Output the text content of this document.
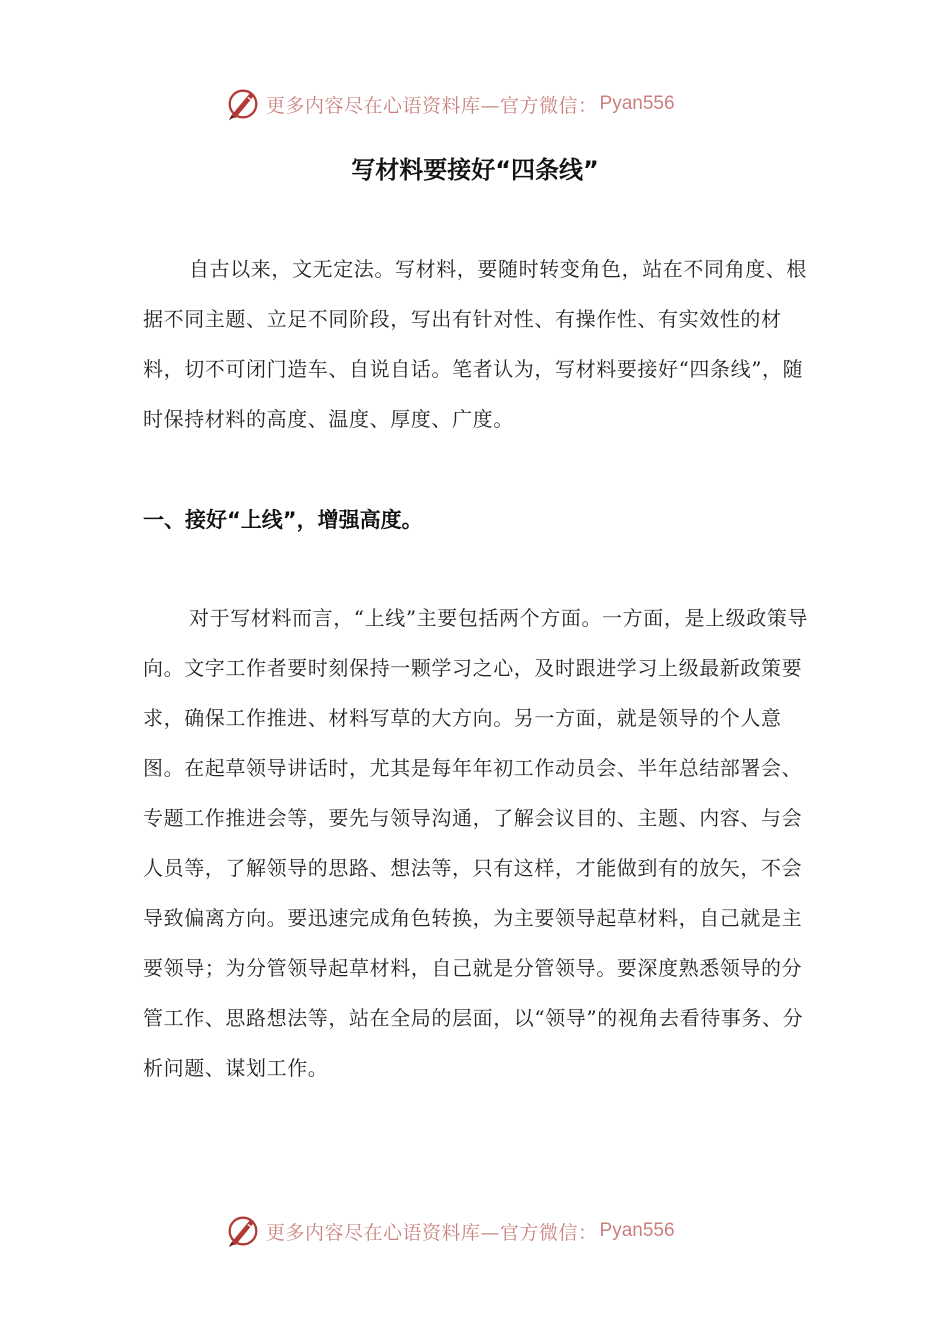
更多内容尽在心语资料库—官方微信： Pyan556
写材料要接好“四条线”

自古以来，文无定法。写材料，要随时转变角色，站在不同角度、根据不同主题、立足不同阶段，写出有针对性、有操作性、有实效性的材料，切不可闭门造车、自说自话。笔者认为，写材料要接好“四条线”，随时保持材料的高度、温度、厚度、广度。

一、接好“上线”，增强高度。

对于写材料而言，“上线”主要包括两个方面。一方面，是上级政策导向。文字工作者要时刻保持一颗学习之心，及时跟进学习上级最新政策要求，确保工作推进、材料写草的大方向。另一方面，就是领导的个人意图。在起草领导讲话时，尤其是每年年初工作动员会、半年总结部署会、专题工作推进会等，要先与领导沟通，了解会议目的、主题、内容、与会人员等，了解领导的思路、想法等，只有这样，才能做到有的放矢，不会导致偏离方向。要迅速完成角色转换，为主要领导起草材料，自己就是主要领导；为分管领导起草材料，自己就是分管领导。要深度熟悉领导的分管工作、思路想法等，站在全局的层面，以“领导”的视角去看待事务、分析问题、谋划工作。

更多内容尽在心语资料库—官方微信： Pyan556
